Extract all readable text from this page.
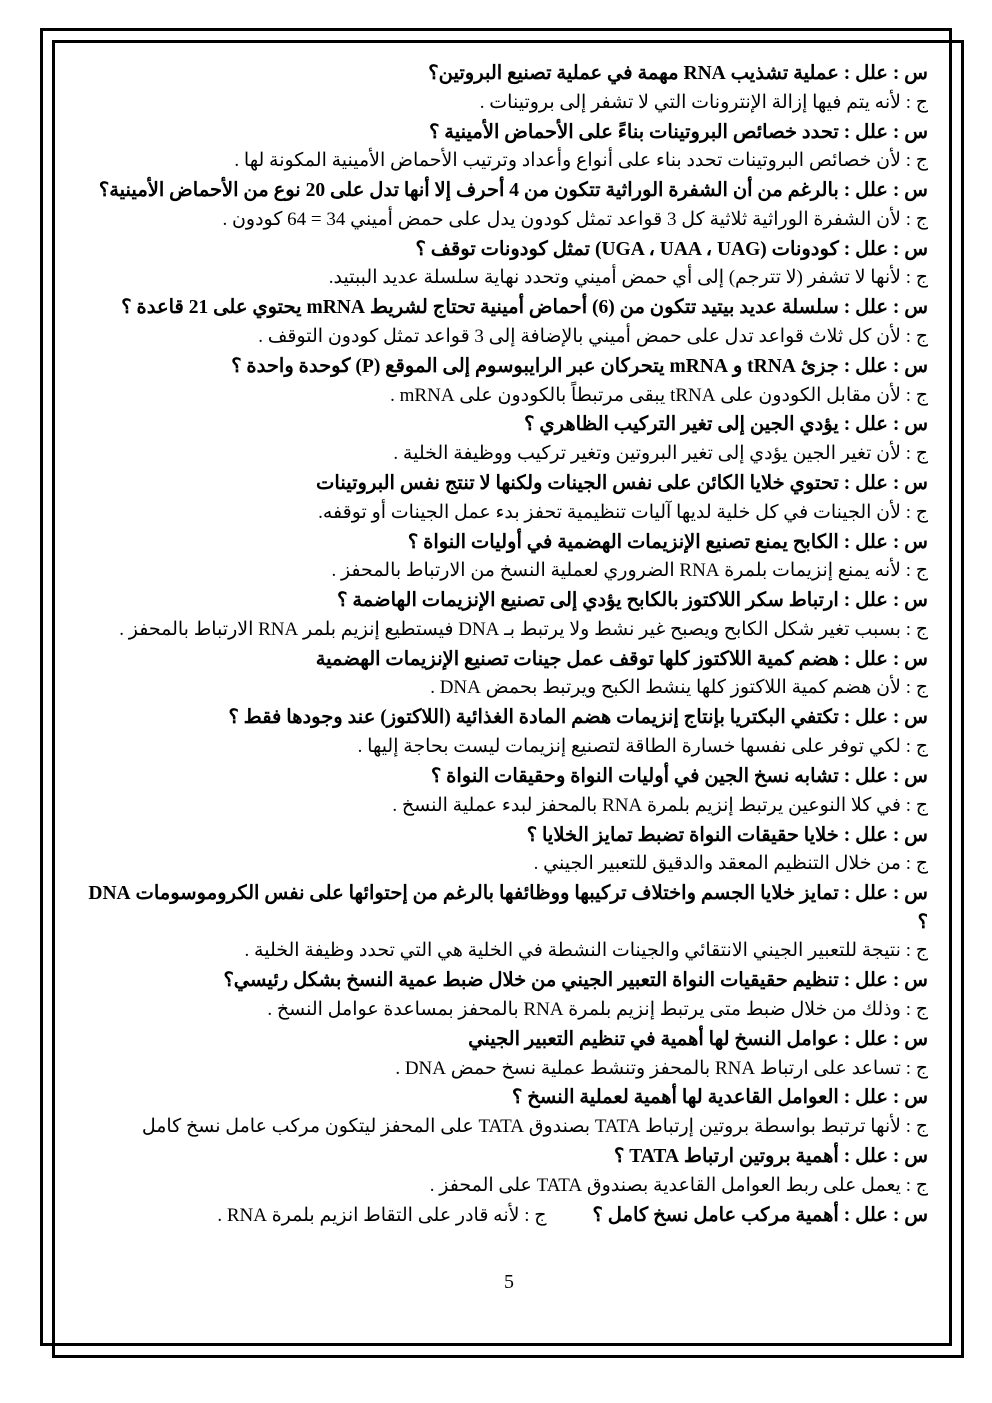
س : علل : عملية تشذيب RNA مهمة في عملية تصنيع البروتين؟

ج : لأنه يتم فيها إزالة الإنترونات التي لا تشفر إلى بروتينات .

س : علل : تحدد خصائص البروتينات بناءً على الأحماض الأمينية ؟

ج : لأن خصائص البروتينات تحدد بناء على أنواع وأعداد وترتيب الأحماض الأمينية المكونة لها .

س : علل : بالرغم من أن الشفرة الوراثية تتكون من 4 أحرف إلا أنها تدل على 20 نوع من الأحماض الأمينية؟

ج : لأن الشفرة الوراثية ثلاثية كل 3 قواعد تمثل كودون يدل على حمض أميني 34 = 64 كودون .

س : علل : كودونات (UGA ، UAA ، UAG) تمثل كودونات توقف ؟

ج : لأنها لا تشفر (لا تترجم) إلى أي حمض أميني وتحدد نهاية سلسلة عديد الببتيد.

س : علل : سلسلة عديد بيتيد تتكون من (6) أحماض أمينية تحتاج لشريط mRNA يحتوي على 21 قاعدة ؟

ج : لأن كل ثلاث قواعد تدل على حمض أميني بالإضافة إلى 3 قواعد تمثل كودون التوقف .

س : علل : جزئ tRNA و mRNA يتحركان عبر الرايبوسوم إلى الموقع (P) كوحدة واحدة ؟

ج : لأن مقابل الكودون على tRNA يبقى مرتبطاً بالكودون على mRNA .

س : علل : يؤدي الجين إلى تغير التركيب الظاهري ؟

ج : لأن تغير الجين يؤدي إلى تغير البروتين وتغير تركيب ووظيفة الخلية .

س : علل : تحتوي خلايا الكائن على نفس الجينات ولكنها لا تنتج نفس البروتينات

ج : لأن الجينات في كل خلية لديها آليات تنظيمية تحفز بدء عمل الجينات أو توقفه.

س : علل : الكابح يمنع تصنيع الإنزيمات الهضمية في أوليات النواة ؟

ج : لأنه يمنع إنزيمات بلمرة RNA الضروري لعملية النسخ من الارتباط بالمحفز .

س : علل : ارتباط سكر اللاكتوز بالكابح يؤدي إلى تصنيع الإنزيمات الهاضمة ؟

ج : بسبب تغير شكل الكابح ويصبح غير نشط ولا يرتبط بـ DNA فيستطيع إنزيم بلمر RNA الارتباط بالمحفز .

س : علل : هضم كمية اللاكتوز كلها توقف عمل جينات تصنيع الإنزيمات الهضمية

ج : لأن هضم كمية اللاكتوز كلها ينشط الكبح ويرتبط بحمض DNA .

س : علل : تكتفي البكتريا بإنتاج إنزيمات هضم المادة الغذائية (اللاكتوز) عند وجودها فقط ؟

ج : لكي توفر على نفسها خسارة الطاقة لتصنيع إنزيمات ليست بحاجة إليها .

س : علل : تشابه نسخ الجين في أوليات النواة وحقيقات النواة ؟

ج : في كلا النوعين يرتبط إنزيم بلمرة RNA بالمحفز لبدء عملية النسخ .

س : علل : خلايا حقيقات النواة تضبط تمايز الخلايا ؟

ج : من خلال التنظيم المعقد والدقيق للتعبير الجيني .

س : علل : تمايز خلايا الجسم واختلاف تركيبها ووظائفها بالرغم من إحتوائها على نفس الكروموسومات DNA ؟

ج : نتيجة للتعبير الجيني الانتقائي والجينات النشطة في الخلية هي التي تحدد وظيفة الخلية .

س : علل : تنظيم حقيقيات النواة التعبير الجيني من خلال ضبط عمية النسخ بشكل رئيسي؟

ج : وذلك من خلال ضبط متى يرتبط إنزيم بلمرة RNA بالمحفز بمساعدة عوامل النسخ .

س : علل : عوامل النسخ لها أهمية في تنظيم التعبير الجيني

ج : تساعد على ارتباط RNA بالمحفز وتنشط عملية نسخ حمض DNA .

س : علل : العوامل القاعدية لها أهمية لعملية النسخ ؟

ج : لأنها ترتبط بواسطة بروتين إرتباط TATA بصندوق TATA على المحفز ليتكون مركب عامل نسخ كامل

س : علل : أهمية بروتين ارتباط TATA ؟

ج : يعمل على ربط العوامل القاعدية بصندوق TATA على المحفز .

س : علل : أهمية مركب عامل نسخ كامل ؟

ج : لأنه قادر على التقاط انزيم بلمرة RNA .

5
